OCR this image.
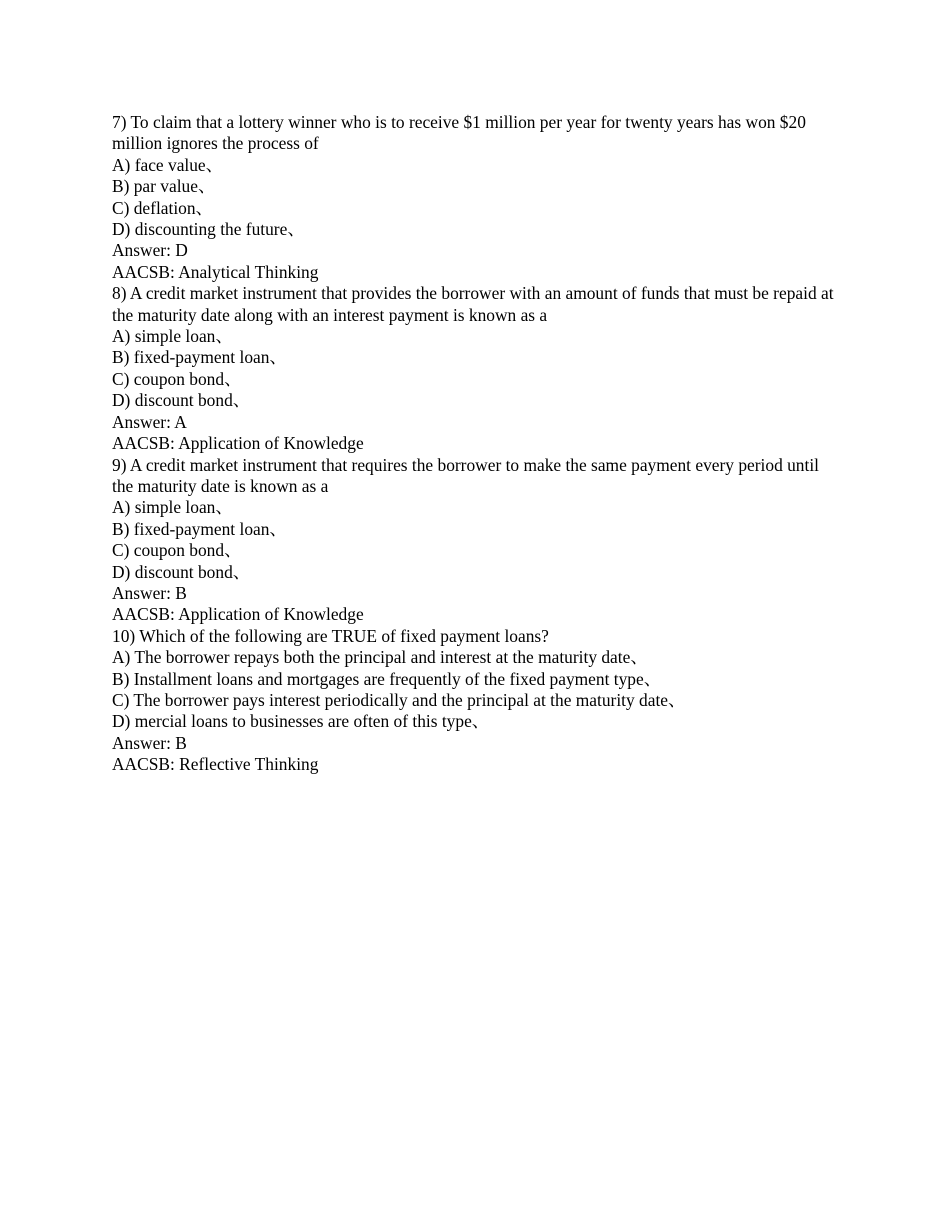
7) To claim that a lottery winner who is to receive $1 million per year for twenty years has won $20 million ignores the process of
A) face value、
B) par value、
C) deflation、
D) discounting the future、
Answer: D
AACSB: Analytical Thinking
8) A credit market instrument that provides the borrower with an amount of funds that must be repaid at the maturity date along with an interest payment is known as a
A) simple loan、
B) fixed-payment loan、
C) coupon bond、
D) discount bond、
Answer: A
AACSB: Application of Knowledge
9) A credit market instrument that requires the borrower to make the same payment every period until the maturity date is known as a
A) simple loan、
B) fixed-payment loan、
C) coupon bond、
D) discount bond、
Answer: B
AACSB: Application of Knowledge
10) Which of the following are TRUE of fixed payment loans?
A) The borrower repays both the principal and interest at the maturity date、
B) Installment loans and mortgages are frequently of the fixed payment type、
C) The borrower pays interest periodically and the principal at the maturity date、
D) mercial loans to businesses are often of this type、
Answer: B
AACSB: Reflective Thinking
